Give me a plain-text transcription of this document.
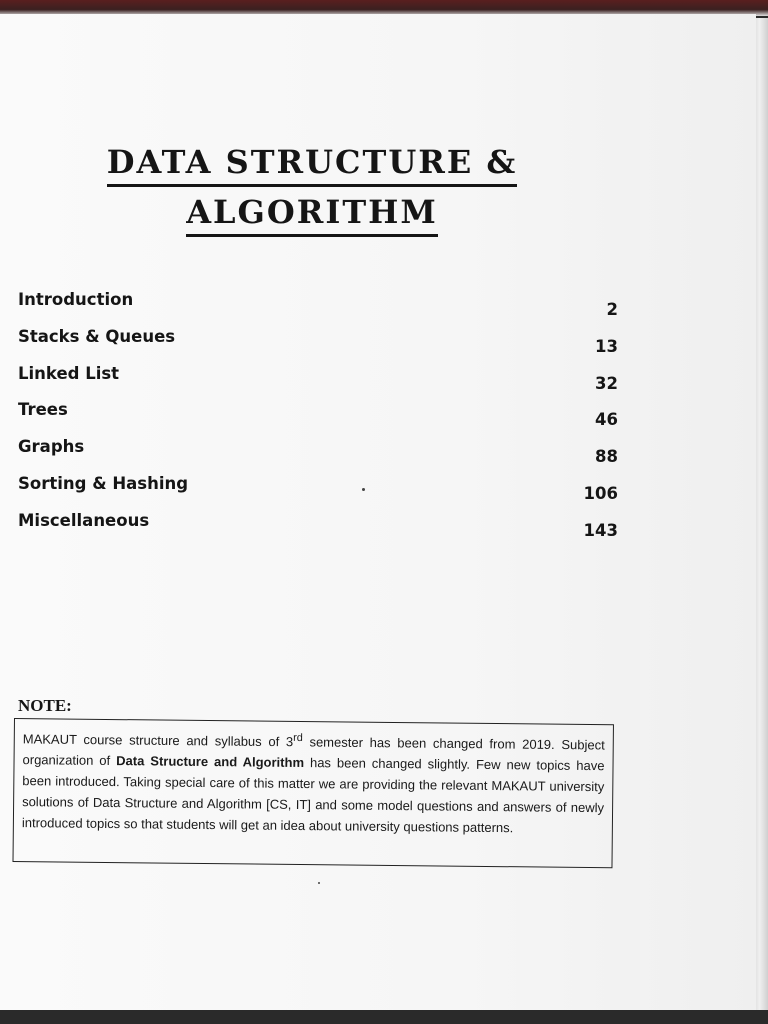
DATA STRUCTURE &
ALGORITHM
Introduction
2
Stacks & Queues
13
Linked List
32
Trees
46
Graphs
88
Sorting & Hashing
106
Miscellaneous
143
NOTE:
MAKAUT course structure and syllabus of 3rd semester has been changed from 2019. Subject organization of Data Structure and Algorithm has been changed slightly. Few new topics have been introduced. Taking special care of this matter we are providing the relevant MAKAUT university solutions of Data Structure and Algorithm [CS, IT] and some model questions and answers of newly introduced topics so that students will get an idea about university questions patterns.
